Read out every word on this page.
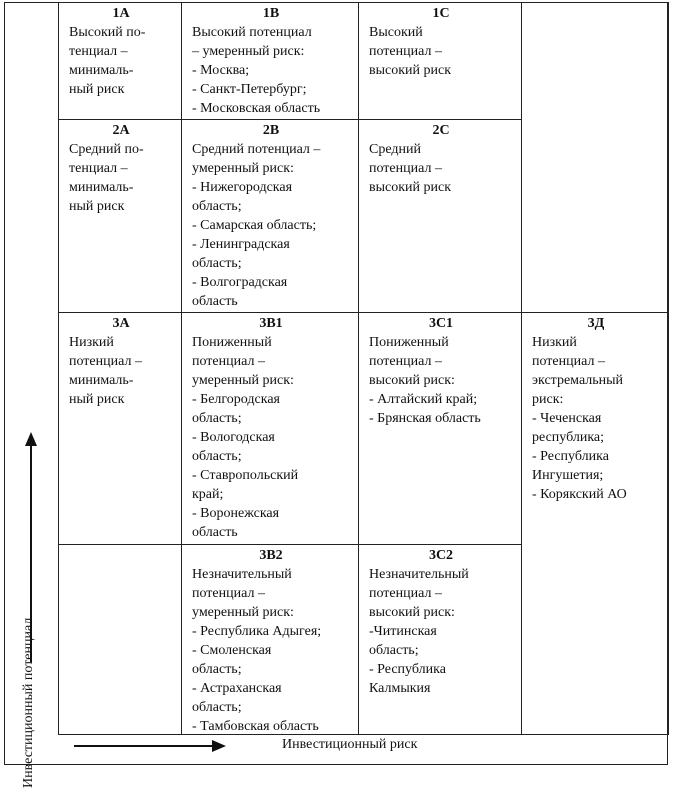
Инвестиционный потенциал	Инвестиционный риск
1А
Высокий по-
тенциал –
минималь-
ный риск
1В
Высокий потенциал
– умеренный риск:
- Москва;
- Санкт-Петербург;
- Московская область
1С
Высокий
потенциал –
высокий риск
2А
Средний по-
тенциал –
минималь-
ный риск
2В
Средний потенциал –
умеренный риск:
- Нижегородская
область;
- Самарская область;
- Ленинградская
область;
- Волгоградская
область
2С
Средний
потенциал –
высокий риск
3А
Низкий
потенциал –
минималь-
ный риск
3В1
Пониженный
потенциал –
умеренный риск:
- Белгородская
область;
- Вологодская
область;
- Ставропольский
край;
- Воронежская
область
3С1
Пониженный
потенциал –
высокий риск:
- Алтайский край;
- Брянская область
3Д
Низкий
потенциал –
экстремальный
риск:
- Чеченская
республика;
- Республика
Ингушетия;
- Корякский АО
3В2
Незначительный
потенциал –
умеренный риск:
- Республика Адыгея;
- Смоленская
область;
- Астраханская
область;
- Тамбовская область
3С2
Незначительный
потенциал –
высокий риск:
-Читинская
область;
- Республика
Калмыкия
